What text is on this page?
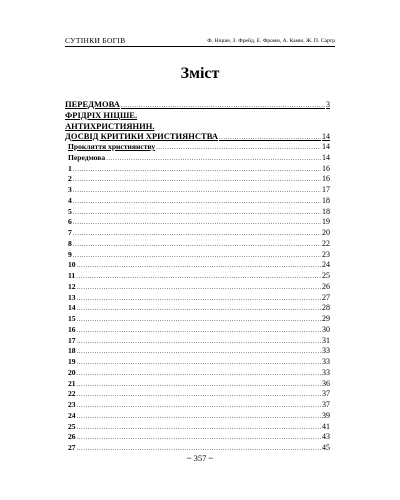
СУТІНКИ БОГІВ	Ф. Ніцше, З. Фрейд, Е. Фромм, А. Камю, Ж. П. Сартр
Зміст
ПЕРЕДМОВА . . .	3
ФРІДРІХ НІЦШЕ.
АНТИХРИСТИЯНИН.
ДОСВІД КРИТИКИ ХРИСТИЯНСТВА . . .	14
Прокляття християнству . . .	14
Передмова . . .	14
1 . . .	16
2 . . .	16
3 . . .	17
4 . . .	18
5 . . .	18
6 . . .	19
7 . . .	20
8 . . .	22
9 . . .	23
10 . . .	24
11 . . .	25
12 . . .	26
13 . . .	27
14 . . .	28
15 . . .	29
16 . . .	30
17 . . .	31
18 . . .	33
19 . . .	33
20 . . .	33
21 . . .	36
22 . . .	37
23 . . .	37
24 . . .	39
25 . . .	41
26 . . .	43
27 . . .	45
~ 357 ~
